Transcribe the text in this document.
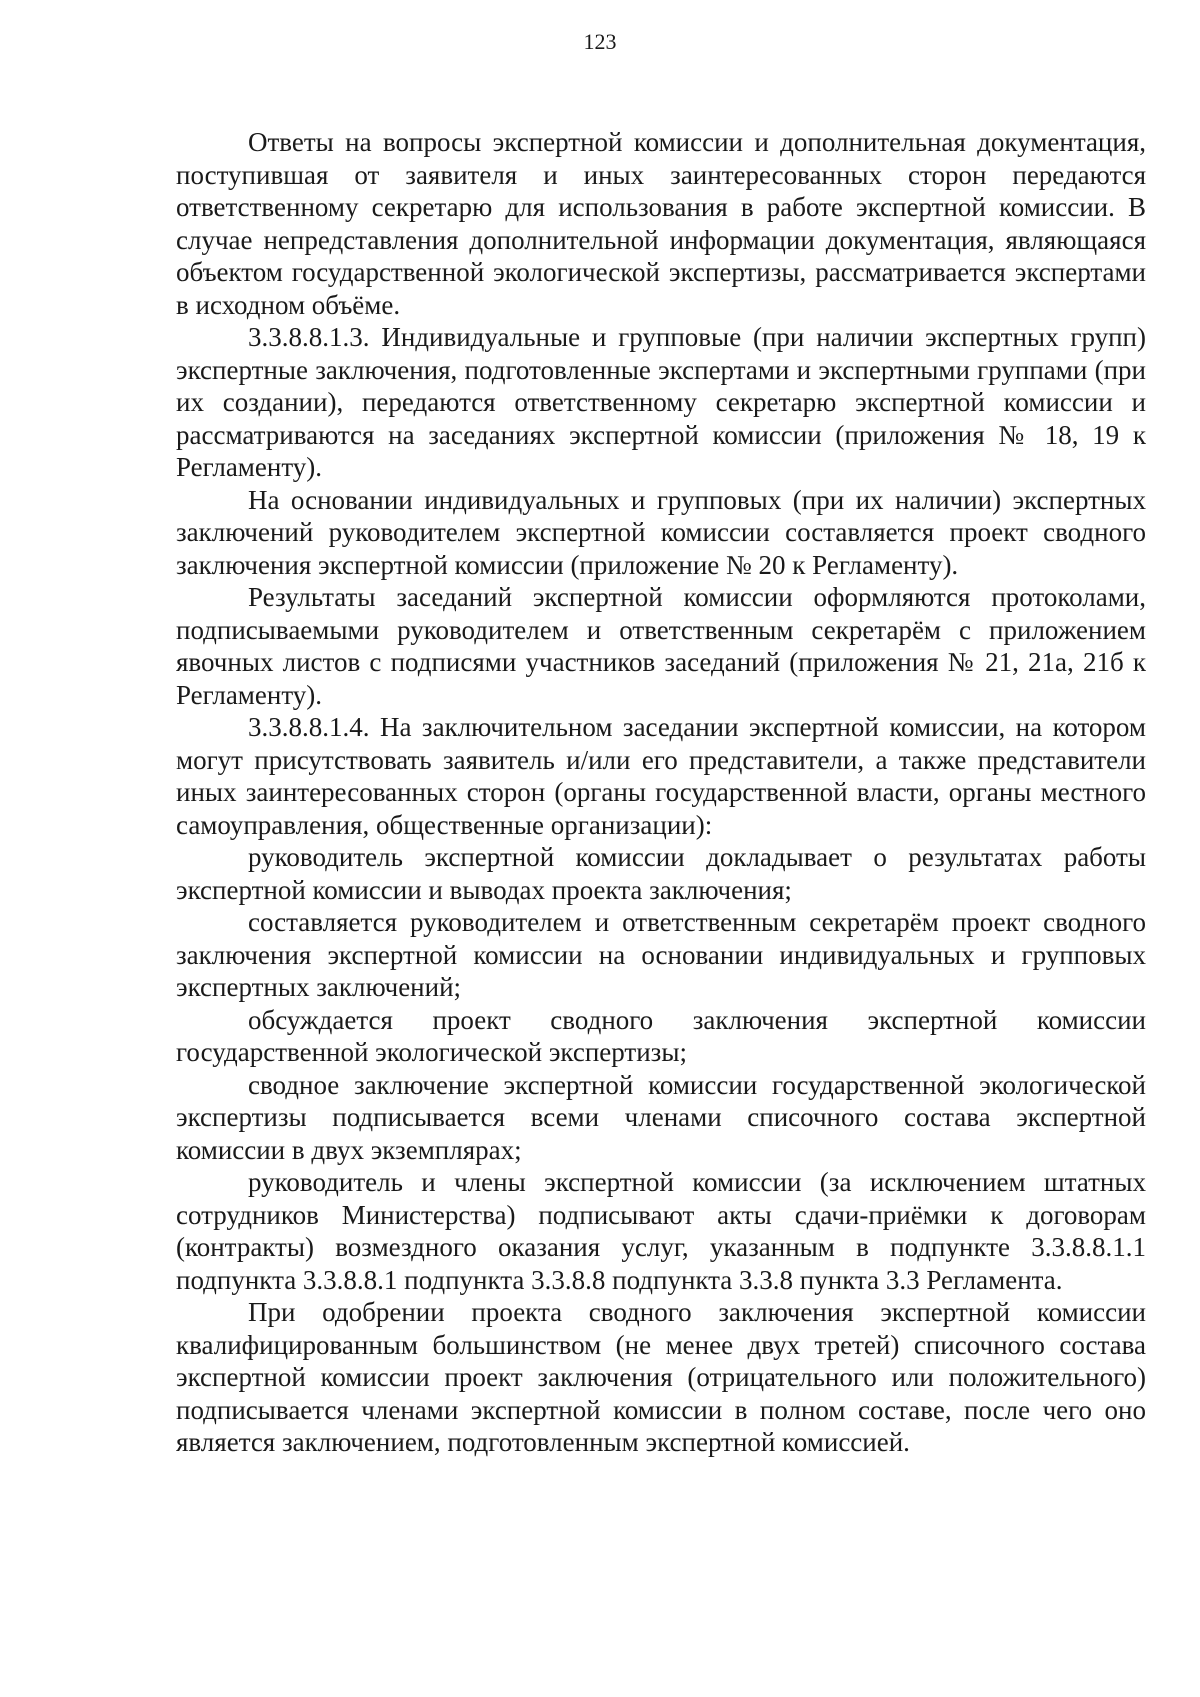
123

Ответы на вопросы экспертной комиссии и дополнительная документация, поступившая от заявителя и иных заинтересованных сторон передаются ответственному секретарю для использования в работе экспертной комиссии. В случае непредставления дополнительной информации документация, являющаяся объектом государственной экологической экспертизы, рассматривается экспертами в исходном объёме.

3.3.8.8.1.3. Индивидуальные и групповые (при наличии экспертных групп) экспертные заключения, подготовленные экспертами и экспертными группами (при их создании), передаются ответственному секретарю экспертной комиссии и рассматриваются на заседаниях экспертной комиссии (приложения № 18, 19 к Регламенту).

На основании индивидуальных и групповых (при их наличии) экспертных заключений руководителем экспертной комиссии составляется проект сводного заключения экспертной комиссии (приложение № 20 к Регламенту).

Результаты заседаний экспертной комиссии оформляются протоколами, подписываемыми руководителем и ответственным секретарём с приложением явочных листов с подписями участников заседаний (приложения № 21, 21а, 21б к Регламенту).

3.3.8.8.1.4. На заключительном заседании экспертной комиссии, на котором могут присутствовать заявитель и/или его представители, а также представители иных заинтересованных сторон (органы государственной власти, органы местного самоуправления, общественные организации):

руководитель экспертной комиссии докладывает о результатах работы экспертной комиссии и выводах проекта заключения;

составляется руководителем и ответственным секретарём проект сводного заключения экспертной комиссии на основании индивидуальных и групповых экспертных заключений;

обсуждается проект сводного заключения экспертной комиссии государственной экологической экспертизы;

сводное заключение экспертной комиссии государственной экологической экспертизы подписывается всеми членами списочного состава экспертной комиссии в двух экземплярах;

руководитель и члены экспертной комиссии (за исключением штатных сотрудников Министерства) подписывают акты сдачи-приёмки к договорам (контракты) возмездного оказания услуг, указанным в подпункте 3.3.8.8.1.1 подпункта 3.3.8.8.1 подпункта 3.3.8.8 подпункта 3.3.8 пункта 3.3 Регламента.

При одобрении проекта сводного заключения экспертной комиссии квалифицированным большинством (не менее двух третей) списочного состава экспертной комиссии проект заключения (отрицательного или положительного) подписывается членами экспертной комиссии в полном составе, после чего оно является заключением, подготовленным экспертной комиссией.
